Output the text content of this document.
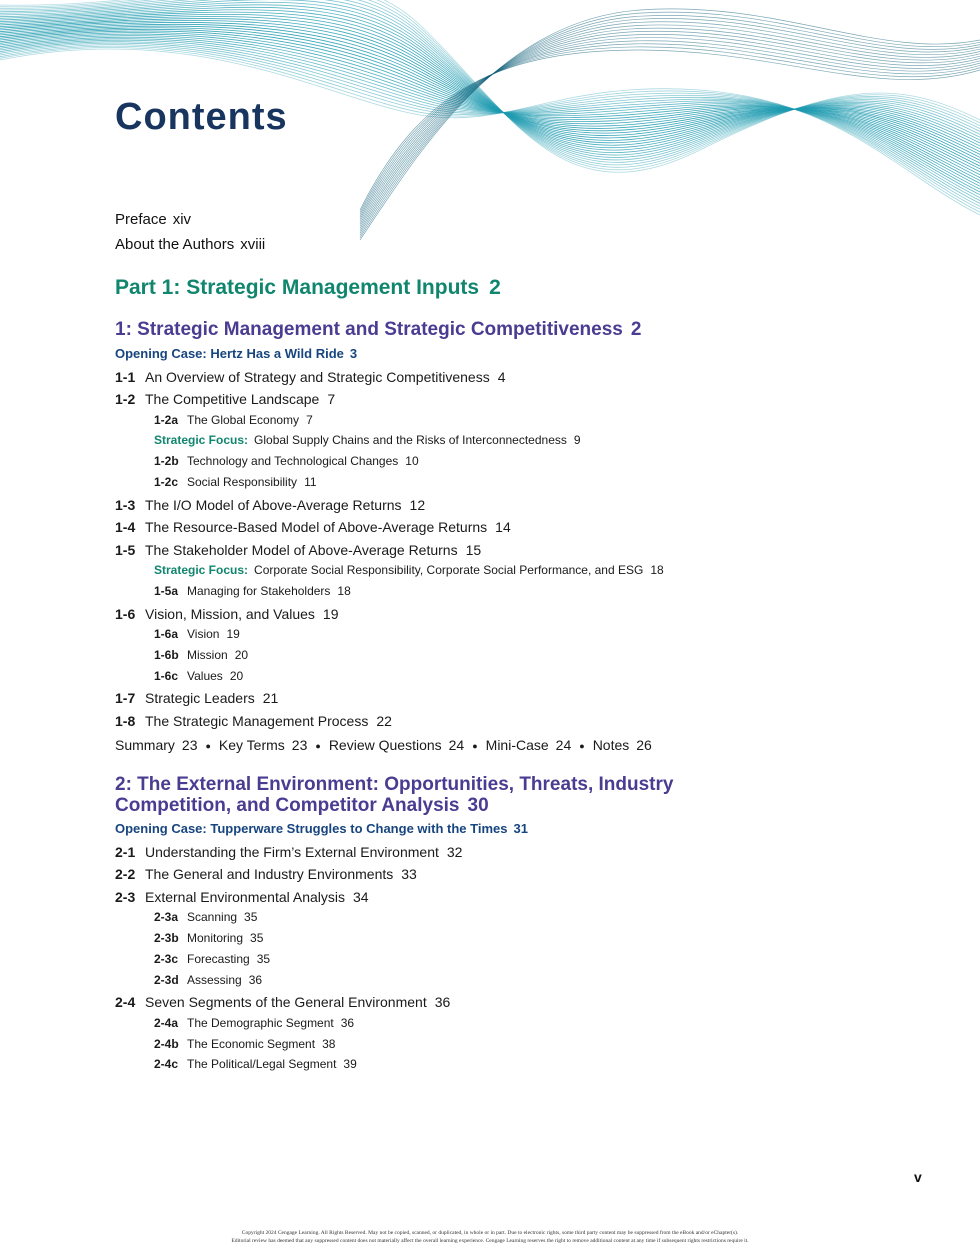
Contents
Preface xiv
About the Authors xviii
Part 1: Strategic Management Inputs 2
1: Strategic Management and Strategic Competitiveness 2
Opening Case: Hertz Has a Wild Ride 3
1-1 An Overview of Strategy and Strategic Competitiveness 4
1-2 The Competitive Landscape 7
1-2a The Global Economy 7
Strategic Focus: Global Supply Chains and the Risks of Interconnectedness 9
1-2b Technology and Technological Changes 10
1-2c Social Responsibility 11
1-3 The I/O Model of Above-Average Returns 12
1-4 The Resource-Based Model of Above-Average Returns 14
1-5 The Stakeholder Model of Above-Average Returns 15
Strategic Focus: Corporate Social Responsibility, Corporate Social Performance, and ESG 18
1-5a Managing for Stakeholders 18
1-6 Vision, Mission, and Values 19
1-6a Vision 19
1-6b Mission 20
1-6c Values 20
1-7 Strategic Leaders 21
1-8 The Strategic Management Process 22
Summary 23 ● Key Terms 23 ● Review Questions 24 ● Mini-Case 24 ● Notes 26
2: The External Environment: Opportunities, Threats, Industry
Competition, and Competitor Analysis 30
Opening Case: Tupperware Struggles to Change with the Times 31
2-1 Understanding the Firm’s External Environment 32
2-2 The General and Industry Environments 33
2-3 External Environmental Analysis 34
2-3a Scanning 35
2-3b Monitoring 35
2-3c Forecasting 35
2-3d Assessing 36
2-4 Seven Segments of the General Environment 36
2-4a The Demographic Segment 36
2-4b The Economic Segment 38
2-4c The Political/Legal Segment 39
v
Copyright 2024 Cengage Learning. All Rights Reserved. May not be copied, scanned, or duplicated, in whole or in part. Due to electronic rights, some third party content may be suppressed from the eBook and/or eChapter(s).
Editorial review has deemed that any suppressed content does not materially affect the overall learning experience. Cengage Learning reserves the right to remove additional content at any time if subsequent rights restrictions require it.
